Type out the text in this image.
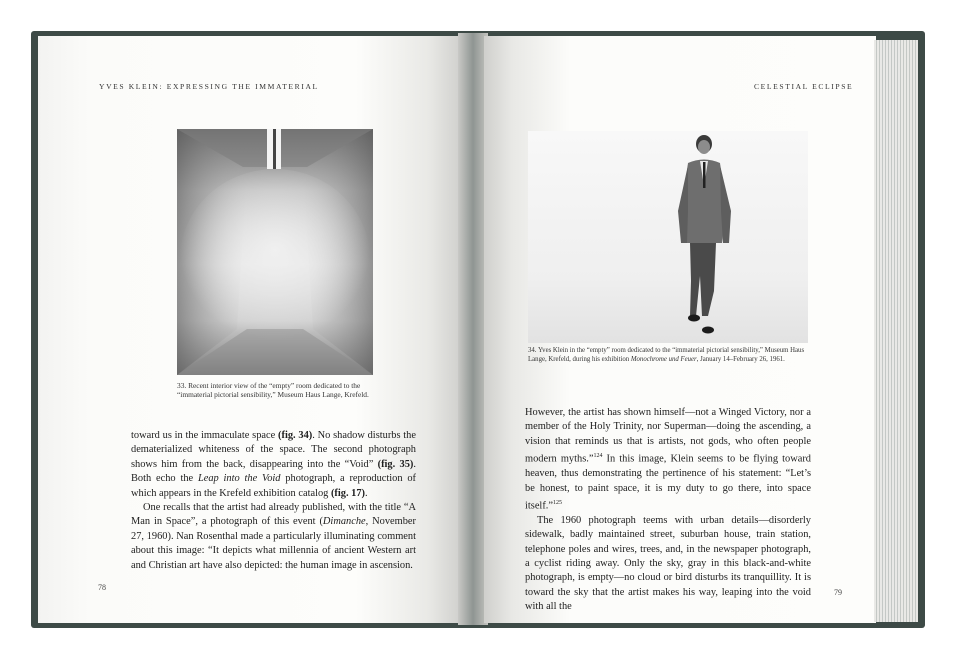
YVES KLEIN: EXPRESSING THE IMMATERIAL
33. Recent interior view of the “empty” room dedicated to the
“immaterial pictorial sensibility,” Museum Haus Lange, Krefeld.

toward us in the immaculate space (fig. 34). No shadow disturbs the dematerialized whiteness of the space. The second photograph shows him from the back, disappearing into the “Void” (fig. 35). Both echo the Leap into the Void photograph, a reproduction of which appears in the Krefeld exhibition catalog (fig. 17).

One recalls that the artist had already published, with the title “A Man in Space”, a photograph of this event (Dimanche, November 27, 1960). Nan Rosenthal made a particularly illuminating comment about this image: “It depicts what millennia of ancient Western art and Christian art have also depicted: the human image in ascension.

78
CELESTIAL ECLIPSE
34. Yves Klein in the “empty” room dedicated to the “immaterial pictorial sensibility,” Museum Haus Lange, Krefeld, during his exhibition Monochrome und Feuer, January 14–February 26, 1961.

However, the artist has shown himself—not a Winged Victory, nor a member of the Holy Trinity, nor Superman—doing the ascending, a vision that reminds us that is artists, not gods, who often people modern myths.”$^{124}$ In this image, Klein seems to be flying toward heaven, thus demonstrating the pertinence of his statement: “Let’s be honest, to paint space, it is my duty to go there, into space itself.”$^{125}$

The 1960 photograph teems with urban details—disorderly sidewalk, badly maintained street, suburban house, train station, telephone poles and wires, trees, and, in the newspaper photograph, a cyclist riding away. Only the sky, gray in this black-and-white photograph, is empty—no cloud or bird disturbs its tranquillity. It is toward the sky that the artist makes his way, leaping into the void with all the

79
